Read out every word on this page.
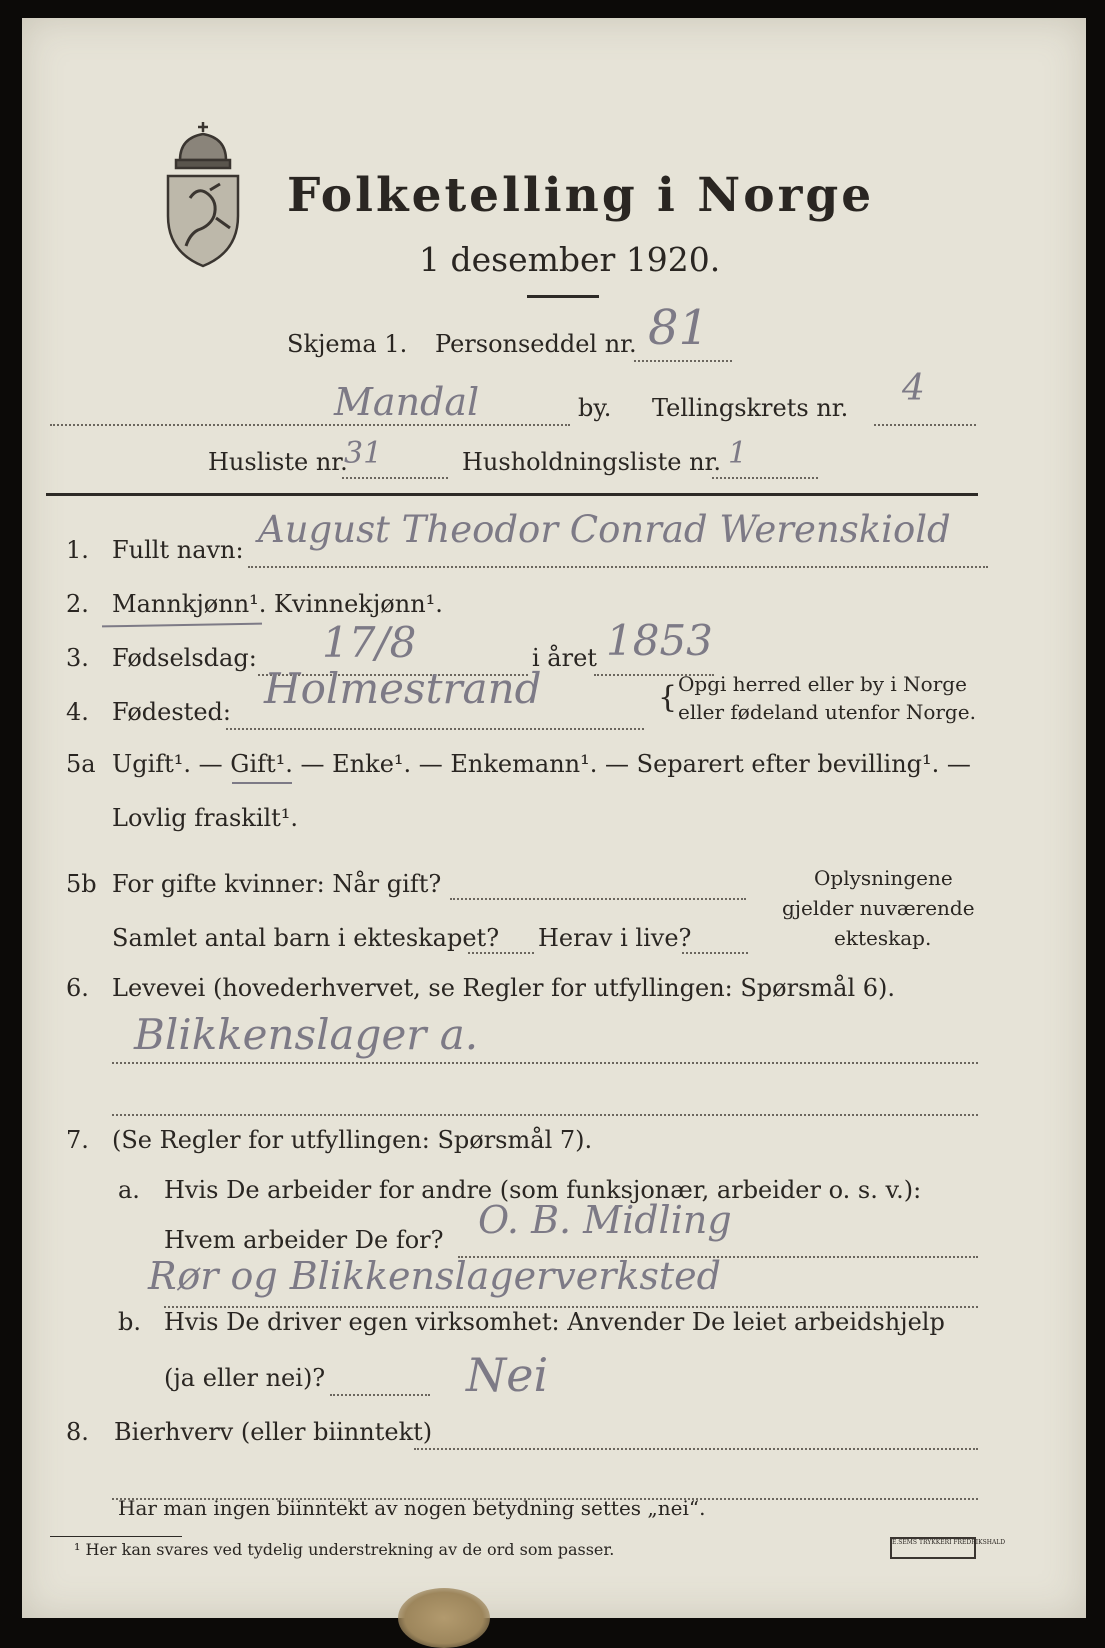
Folketelling i Norge
1 desember 1920.
Skjema 1. Personseddel nr. 81
Mandal	by. Tellingskrets nr. 4
Husliste nr.
31	Husholdningsliste nr. 1
1. Fullt navn: August Theodor Conrad Werenskiold
2. Mannkjønn¹. Kvinnekjønn¹.
3. Fødselsdag: 17/8	i året 1853
4. Fødested: Holmestrand	{ Opgi herred eller by i Norge
eller fødeland utenfor Norge.
5a Ugift¹. — Gift¹. — Enke¹. — Enkemann¹. — Separert efter bevilling¹. —
Lovlig fraskilt¹.
5b For gifte kvinner: Når gift?
Samlet antal barn i ekteskapet? Herav i live?
Oplysningene
gjelder nuværende
ekteskap.
6. Levevei (hovederhvervet, se Regler for utfyllingen: Spørsmål 6).
Blikkenslager a.
7. (Se Regler for utfyllingen: Spørsmål 7).
a. Hvis De arbeider for andre (som funksjonær, arbeider o. s. v.):
Hvem arbeider De for? O. B. Midling
Rør og Blikkenslagerverksted
b. Hvis De driver egen virksomhet: Anvender De leiet arbeidshjelp
(ja eller nei)?	Nei
8. Bierhverv (eller biinntekt)
Har man ingen biinntekt av nogen betydning settes „nei“.
¹ Her kan svares ved tydelig understrekning av de ord som passer.	E.SEMS TRYKKERI FREDRIKSHALD
